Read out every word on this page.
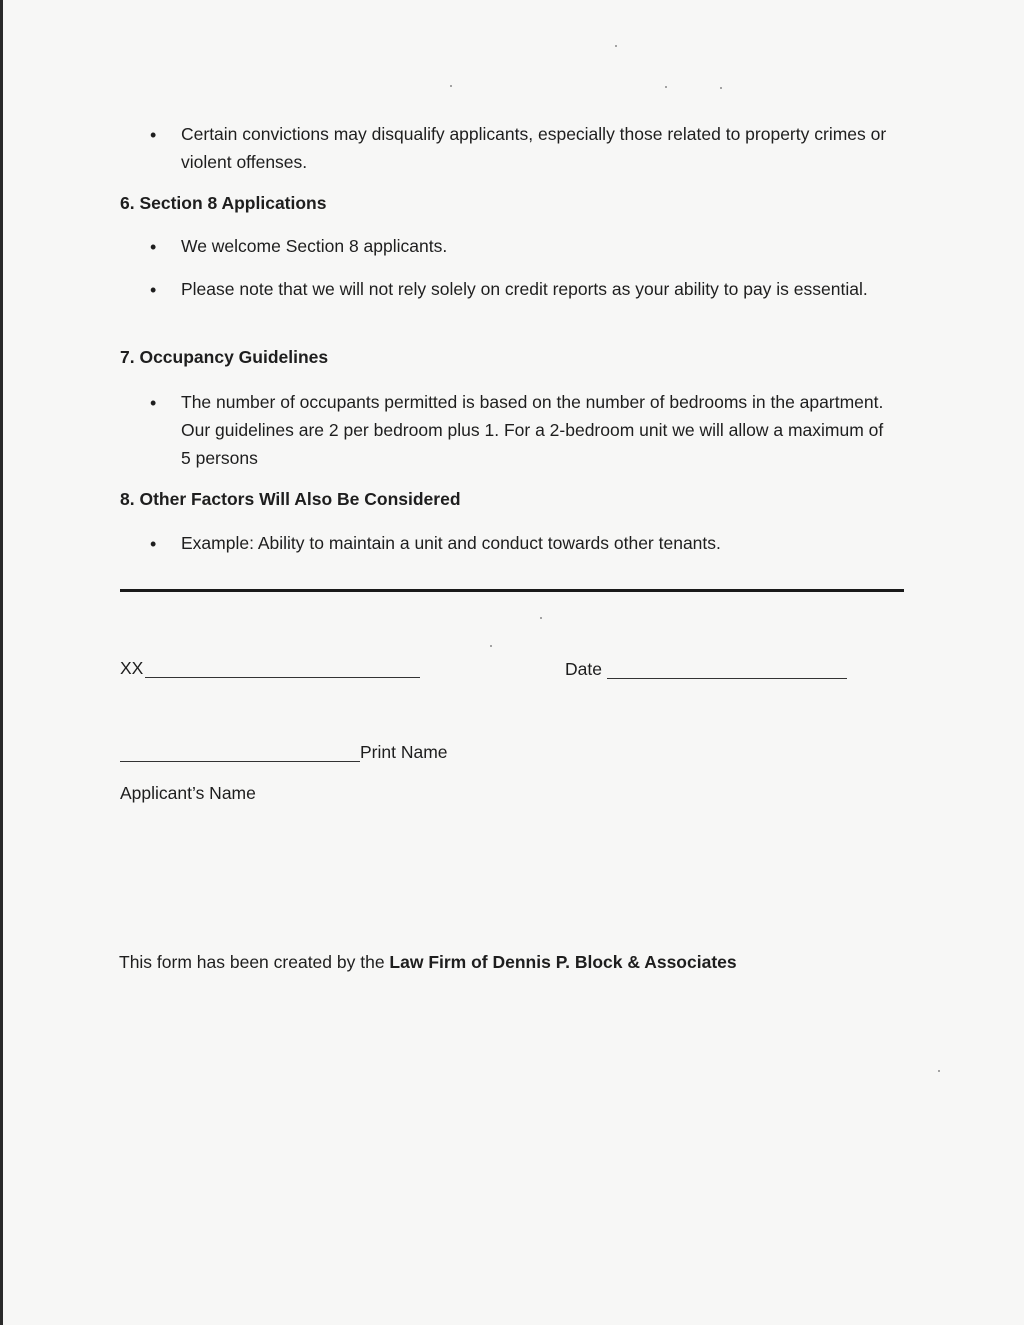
• Certain convictions may disqualify applicants, especially those related to property crimes or violent offenses.
6. Section 8 Applications
• We welcome Section 8 applicants.
• Please note that we will not rely solely on credit reports as your ability to pay is essential.
7. Occupancy Guidelines
• The number of occupants permitted is based on the number of bedrooms in the apartment. Our guidelines are 2 per bedroom plus 1. For a 2-bedroom unit we will allow a maximum of 5 persons
8. Other Factors Will Also Be Considered
• Example: Ability to maintain a unit and conduct towards other tenants.
XX	Date
Print Name
Applicant’s Name
This form has been created by the Law Firm of Dennis P. Block & Associates
